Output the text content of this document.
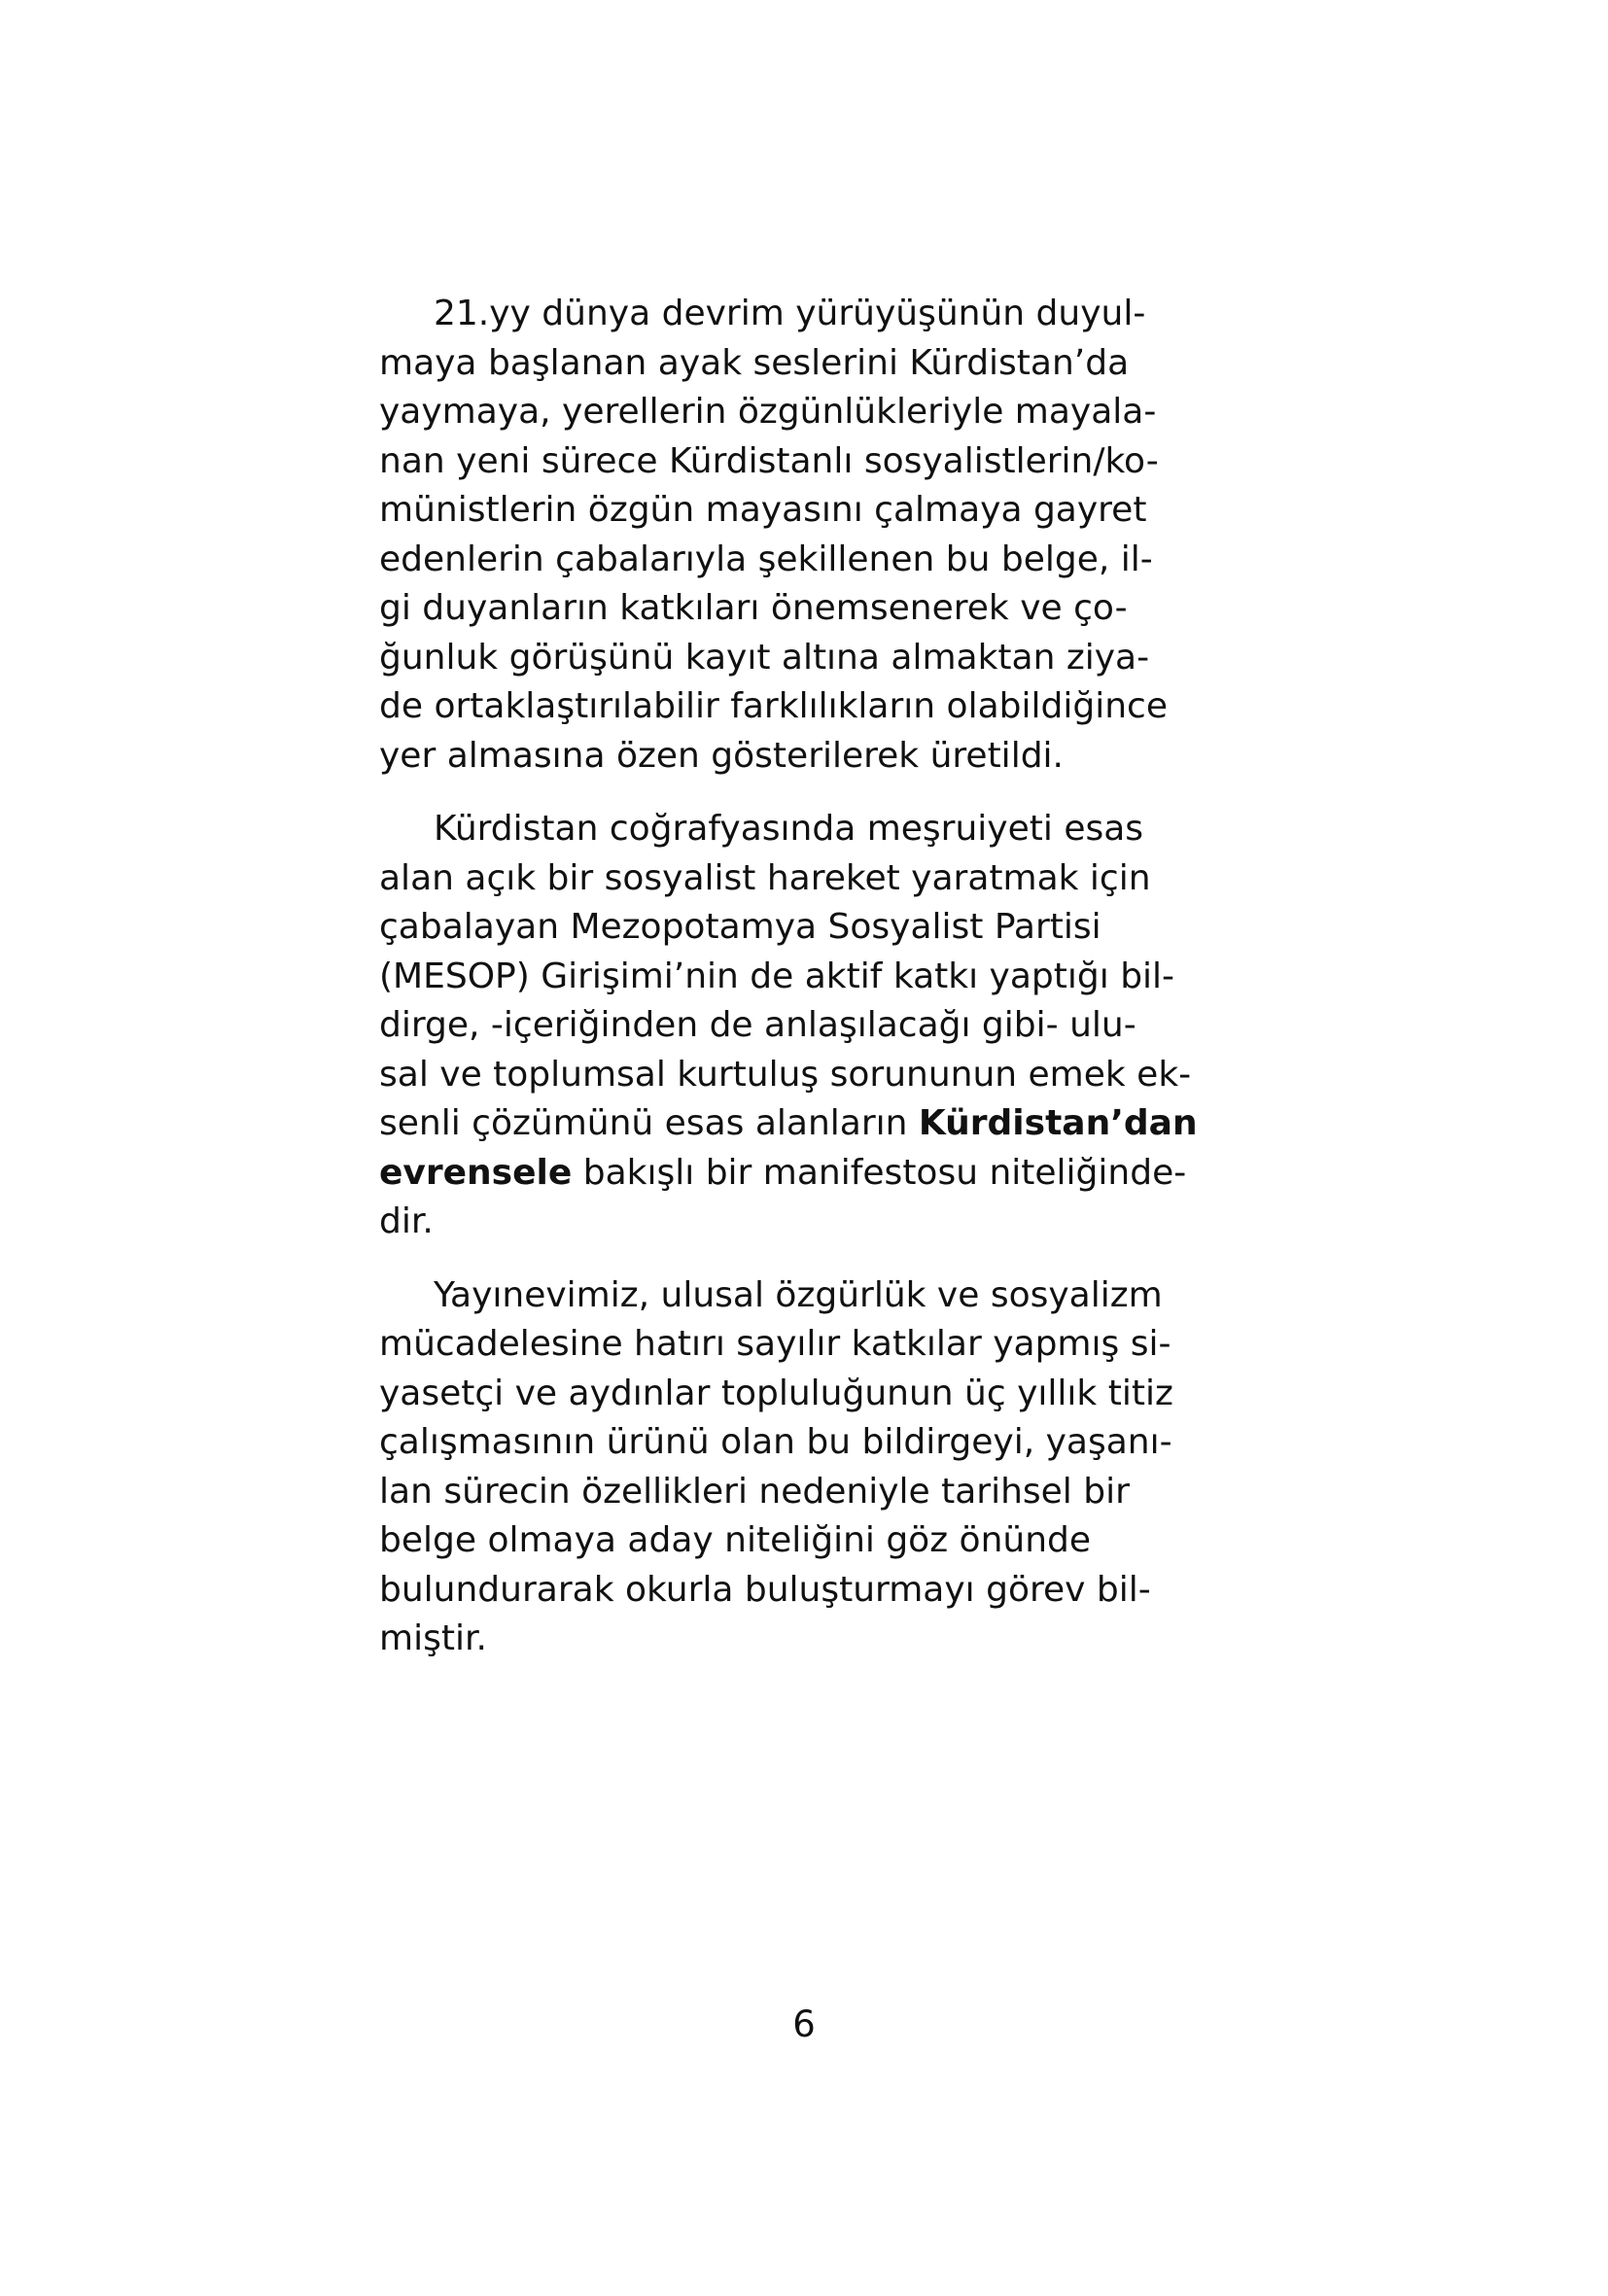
21.yy dünya devrim yürüyüşünün duyul-
maya başlanan ayak seslerini Kürdistan’da
yaymaya, yerellerin özgünlükleriyle mayala-
nan yeni sürece Kürdistanlı sosyalistlerin/ko-
münistlerin özgün mayasını çalmaya gayret
edenlerin çabalarıyla şekillenen bu belge, il-
gi duyanların katkıları önemsenerek ve ço-
ğunluk görüşünü kayıt altına almaktan ziya-
de ortaklaştırılabilir farklılıkların olabildiğince
yer almasına özen gösterilerek üretildi.

Kürdistan coğrafyasında meşruiyeti esas
alan açık bir sosyalist hareket yaratmak için
çabalayan Mezopotamya Sosyalist Partisi
(MESOP) Girişimi’nin de aktif katkı yaptığı bil-
dirge, -içeriğinden de anlaşılacağı gibi- ulu-
sal ve toplumsal kurtuluş sorununun emek ek-
senli çözümünü esas alanların Kürdistan’dan
evrensele bakışlı bir manifestosu niteliğinde-
dir.

Yayınevimiz, ulusal özgürlük ve sosyalizm
mücadelesine hatırı sayılır katkılar yapmış si-
yasetçi ve aydınlar topluluğunun üç yıllık titiz
çalışmasının ürünü olan bu bildirgeyi, yaşanı-
lan sürecin özellikleri nedeniyle tarihsel bir
belge olmaya aday niteliğini göz önünde
bulundurarak okurla buluşturmayı görev bil-
miştir.

6
